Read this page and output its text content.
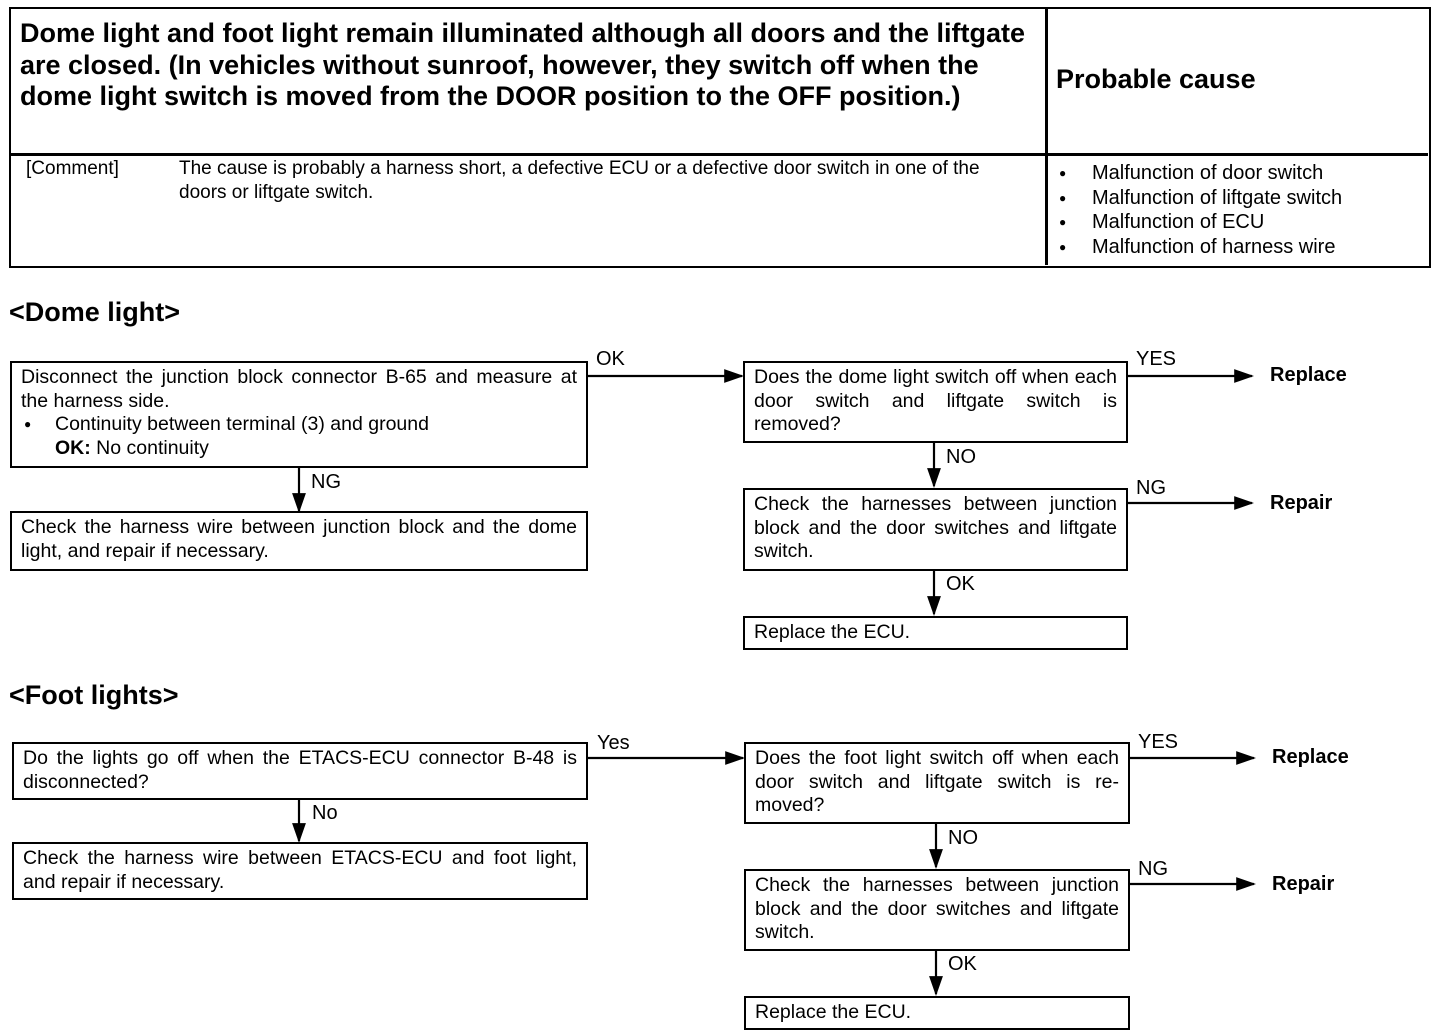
Dome light and foot light remain illuminated although all doors and the liftgate are closed. (In vehicles without sunroof, however, they switch off when the dome light switch is moved from the DOOR position to the OFF position.)
Probable cause
[Comment]	The cause is probably a harness short, a defective ECU or a defective door switch in one of the doors or liftgate switch.
● Malfunction of door switch
● Malfunction of liftgate switch
● Malfunction of ECU
● Malfunction of harness wire
<Dome light>
Disconnect the junction block connector B-65 and measure at the harness side.
● Continuity between terminal (3) and ground
OK: No continuity
OK
NG
Check the harness wire between junction block and the dome light, and repair if necessary.
Does the dome light switch off when each door switch and liftgate switch is removed?
YES
Replace
NO
Check the harnesses between junction block and the door switches and liftgate switch.
NG
Repair
OK
Replace the ECU.
<Foot lights>
Do the lights go off when the ETACS-ECU connector B-48 is disconnected?
Yes
No
Check the harness wire between ETACS-ECU and foot light, and repair if necessary.
Does the foot light switch off when each door switch and liftgate switch is re-moved?
YES
Replace
NO
Check the harnesses between junction block and the door switches and liftgate switch.
NG
Repair
OK
Replace the ECU.
